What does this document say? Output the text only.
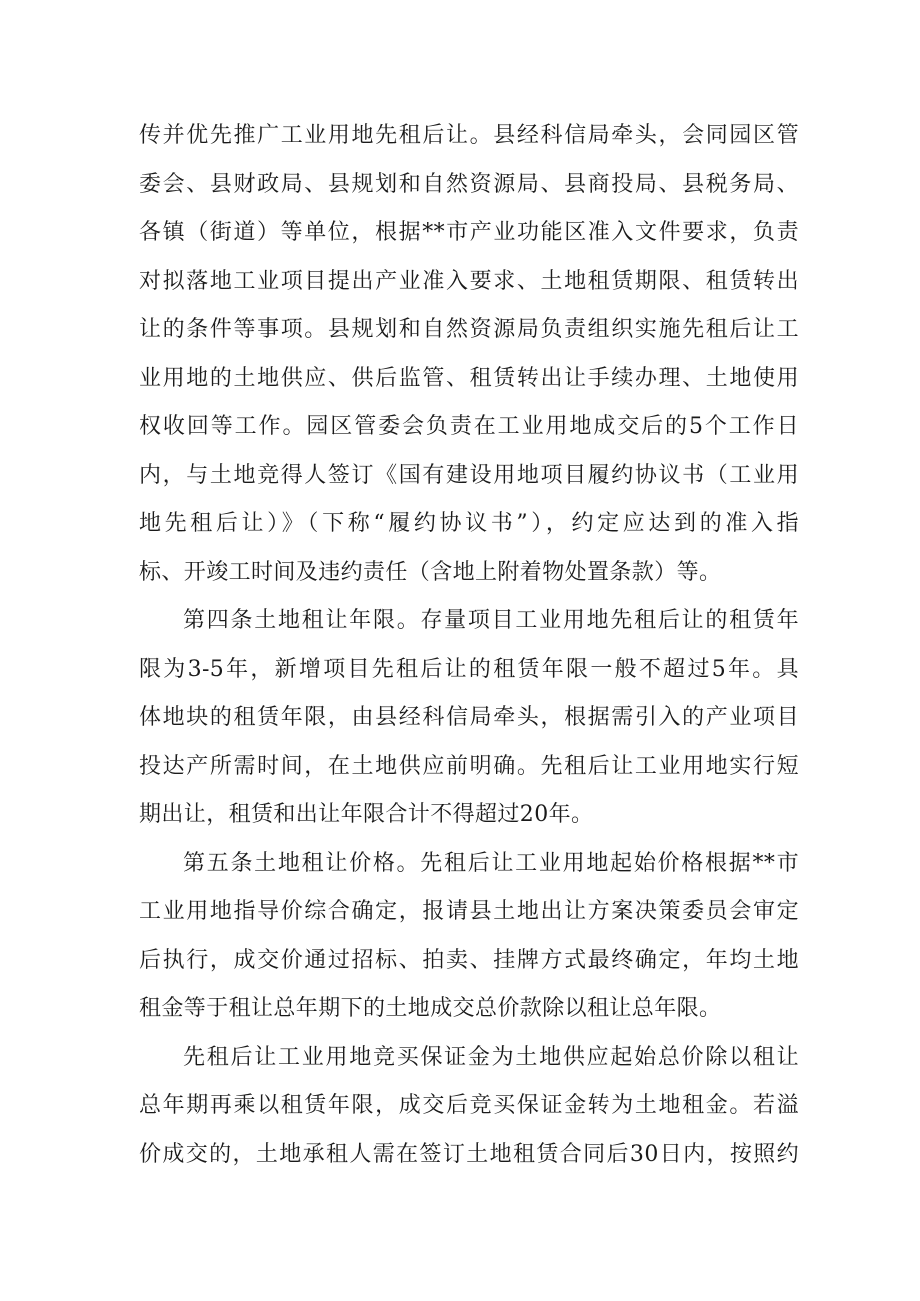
传并优先推广工业用地先租后让。县经科信局牵头，会同园区管
委会、县财政局、县规划和自然资源局、县商投局、县税务局、
各镇（街道）等单位，根据**市产业功能区准入文件要求，负责
对拟落地工业项目提出产业准入要求、土地租赁期限、租赁转出
让的条件等事项。县规划和自然资源局负责组织实施先租后让工
业用地的土地供应、供后监管、租赁转出让手续办理、土地使用
权收回等工作。园区管委会负责在工业用地成交后的5个工作日
内，与土地竞得人签订《国有建设用地项目履约协议书（工业用
地先租后让）》（下称“履约协议书”），约定应达到的准入指
标、开竣工时间及违约责任（含地上附着物处置条款）等。
第四条土地租让年限。存量项目工业用地先租后让的租赁年
限为3-5年，新增项目先租后让的租赁年限一般不超过5年。具
体地块的租赁年限，由县经科信局牵头，根据需引入的产业项目
投达产所需时间，在土地供应前明确。先租后让工业用地实行短
期出让，租赁和出让年限合计不得超过20年。
第五条土地租让价格。先租后让工业用地起始价格根据**市
工业用地指导价综合确定，报请县土地出让方案决策委员会审定
后执行，成交价通过招标、拍卖、挂牌方式最终确定，年均土地
租金等于租让总年期下的土地成交总价款除以租让总年限。
先租后让工业用地竞买保证金为土地供应起始总价除以租让
总年期再乘以租赁年限，成交后竞买保证金转为土地租金。若溢
价成交的，土地承租人需在签订土地租赁合同后30日内，按照约
